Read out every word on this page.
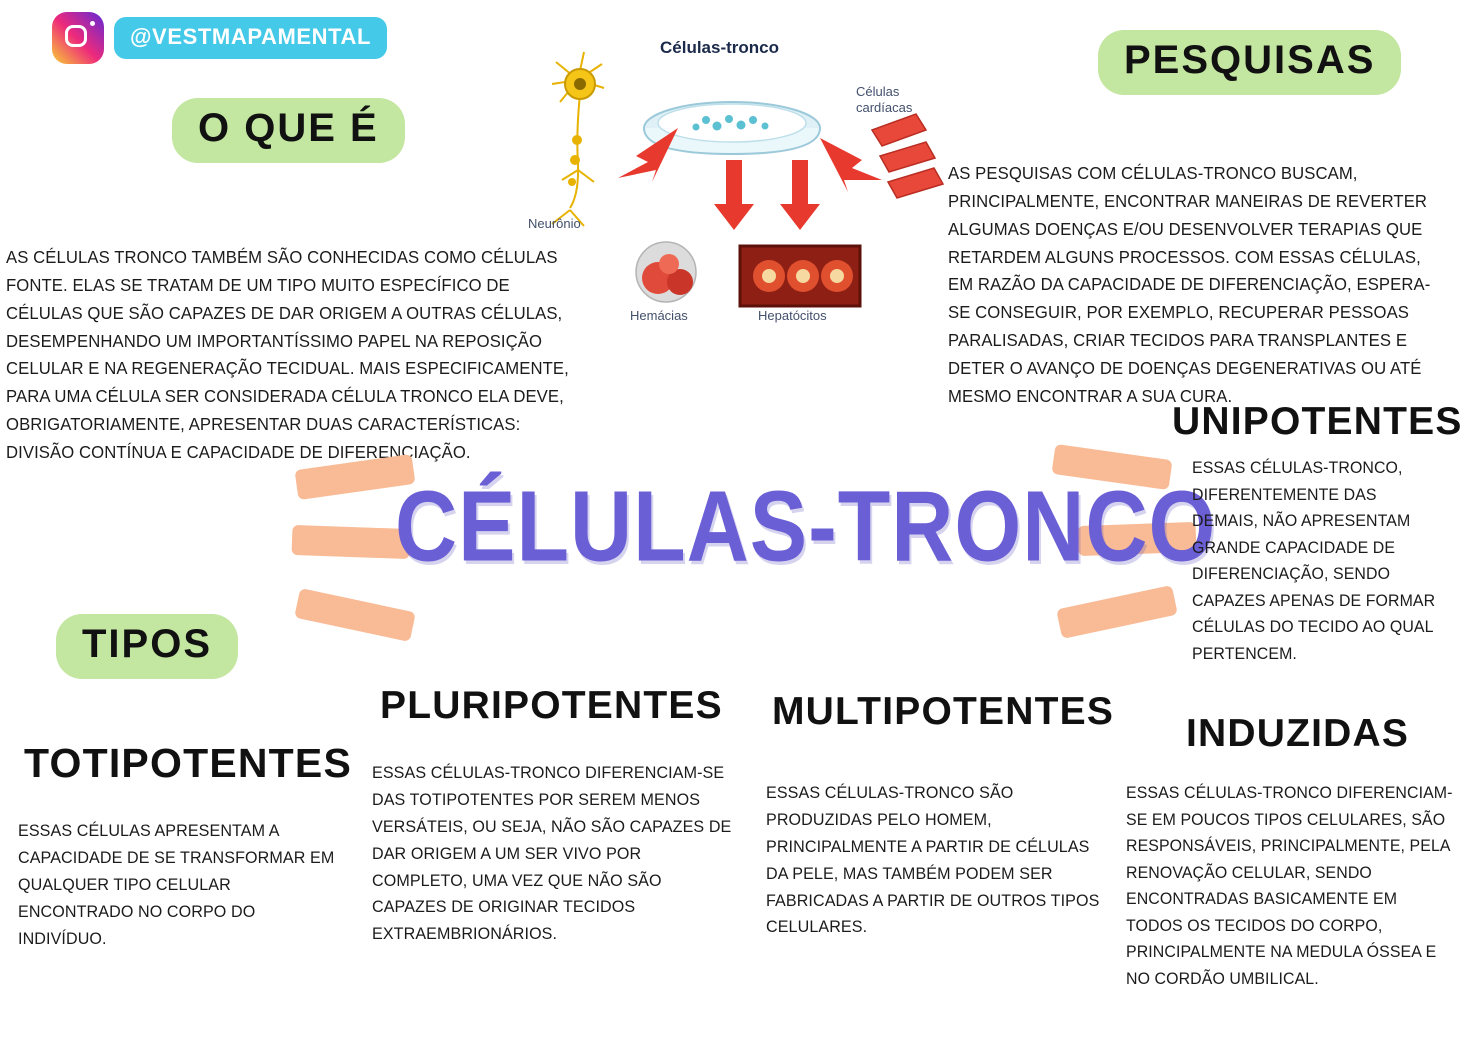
@VESTMAPAMENTAL	Células-tronco
Neurônio
Células
cardíacas
Hemácias	Hepatócitos
O QUE É
AS CÉLULAS TRONCO TAMBÉM SÃO CONHECIDAS COMO CÉLULAS FONTE. ELAS SE TRATAM DE UM TIPO MUITO ESPECÍFICO DE CÉLULAS QUE SÃO CAPAZES DE DAR ORIGEM A OUTRAS CÉLULAS, DESEMPENHANDO UM IMPORTANTÍSSIMO PAPEL NA REPOSIÇÃO CELULAR E NA REGENERAÇÃO TECIDUAL. MAIS ESPECIFICAMENTE, PARA UMA CÉLULA SER CONSIDERADA CÉLULA TRONCO ELA DEVE, OBRIGATORIAMENTE, APRESENTAR DUAS CARACTERÍSTICAS: DIVISÃO CONTÍNUA E CAPACIDADE DE DIFERENCIAÇÃO.
PESQUISAS
AS PESQUISAS COM CÉLULAS-TRONCO BUSCAM, PRINCIPALMENTE, ENCONTRAR MANEIRAS DE REVERTER ALGUMAS DOENÇAS E/OU DESENVOLVER TERAPIAS QUE RETARDEM ALGUNS PROCESSOS. COM ESSAS CÉLULAS, EM RAZÃO DA CAPACIDADE DE DIFERENCIAÇÃO, ESPERA-SE CONSEGUIR, POR EXEMPLO, RECUPERAR PESSOAS PARALISADAS, CRIAR TECIDOS PARA TRANSPLANTES E DETER O AVANÇO DE DOENÇAS DEGENERATIVAS OU ATÉ MESMO ENCONTRAR A SUA CURA.
CÉLULAS-TRONCO
UNIPOTENTES
ESSAS CÉLULAS-TRONCO, DIFERENTEMENTE DAS DEMAIS, NÃO APRESENTAM GRANDE CAPACIDADE DE DIFERENCIAÇÃO, SENDO CAPAZES APENAS DE FORMAR CÉLULAS DO TECIDO AO QUAL PERTENCEM.
TIPOS
TOTIPOTENTES
ESSAS CÉLULAS APRESENTAM A CAPACIDADE DE SE TRANSFORMAR EM QUALQUER TIPO CELULAR ENCONTRADO NO CORPO DO INDIVÍDUO.
PLURIPOTENTES
ESSAS CÉLULAS-TRONCO DIFERENCIAM-SE DAS TOTIPOTENTES POR SEREM MENOS VERSÁTEIS, OU SEJA, NÃO SÃO CAPAZES DE DAR ORIGEM A UM SER VIVO POR COMPLETO, UMA VEZ QUE NÃO SÃO CAPAZES DE ORIGINAR TECIDOS EXTRAEMBRIONÁRIOS.
MULTIPOTENTES
ESSAS CÉLULAS-TRONCO SÃO PRODUZIDAS PELO HOMEM, PRINCIPALMENTE A PARTIR DE CÉLULAS DA PELE, MAS TAMBÉM PODEM SER FABRICADAS A PARTIR DE OUTROS TIPOS CELULARES.
INDUZIDAS
ESSAS CÉLULAS-TRONCO DIFERENCIAM-SE EM POUCOS TIPOS CELULARES, SÃO RESPONSÁVEIS, PRINCIPALMENTE, PELA RENOVAÇÃO CELULAR, SENDO ENCONTRADAS BASICAMENTE EM TODOS OS TECIDOS DO CORPO, PRINCIPALMENTE NA MEDULA ÓSSEA E NO CORDÃO UMBILICAL.
